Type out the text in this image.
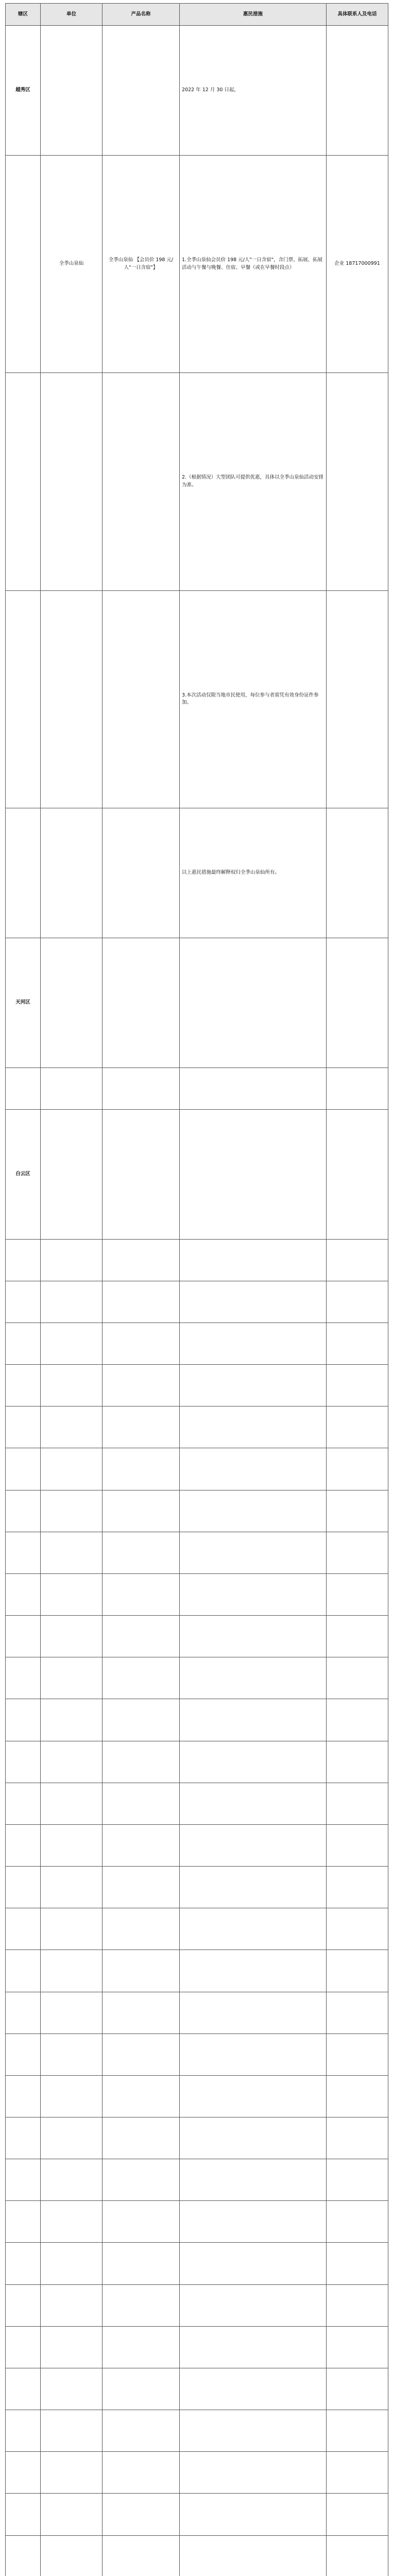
辖区	单位	产品名称	惠民措施	具体联系人及电话
越秀区			2022 年 12 月 30 日起，	
	全季山泉仙	全季山泉仙 【会员价 198 元/人"一日含宿"】	1.全季山泉仙会员价 198 元/人"一日含宿"，含门票、拓展、拓展活动与午餐与晚餐、住宿、早餐（或在早餐时段点）	企业 18717000991
			2.（根据情况）大型团队可提供优惠，具体以全季山泉仙活动安排为准。	
			3.本次活动仅限当地市民使用，每位参与者需凭有效身份证件参加。	
			以上惠民措施最终解释权归全季山泉仙所有。	
天河区				

白云区				
